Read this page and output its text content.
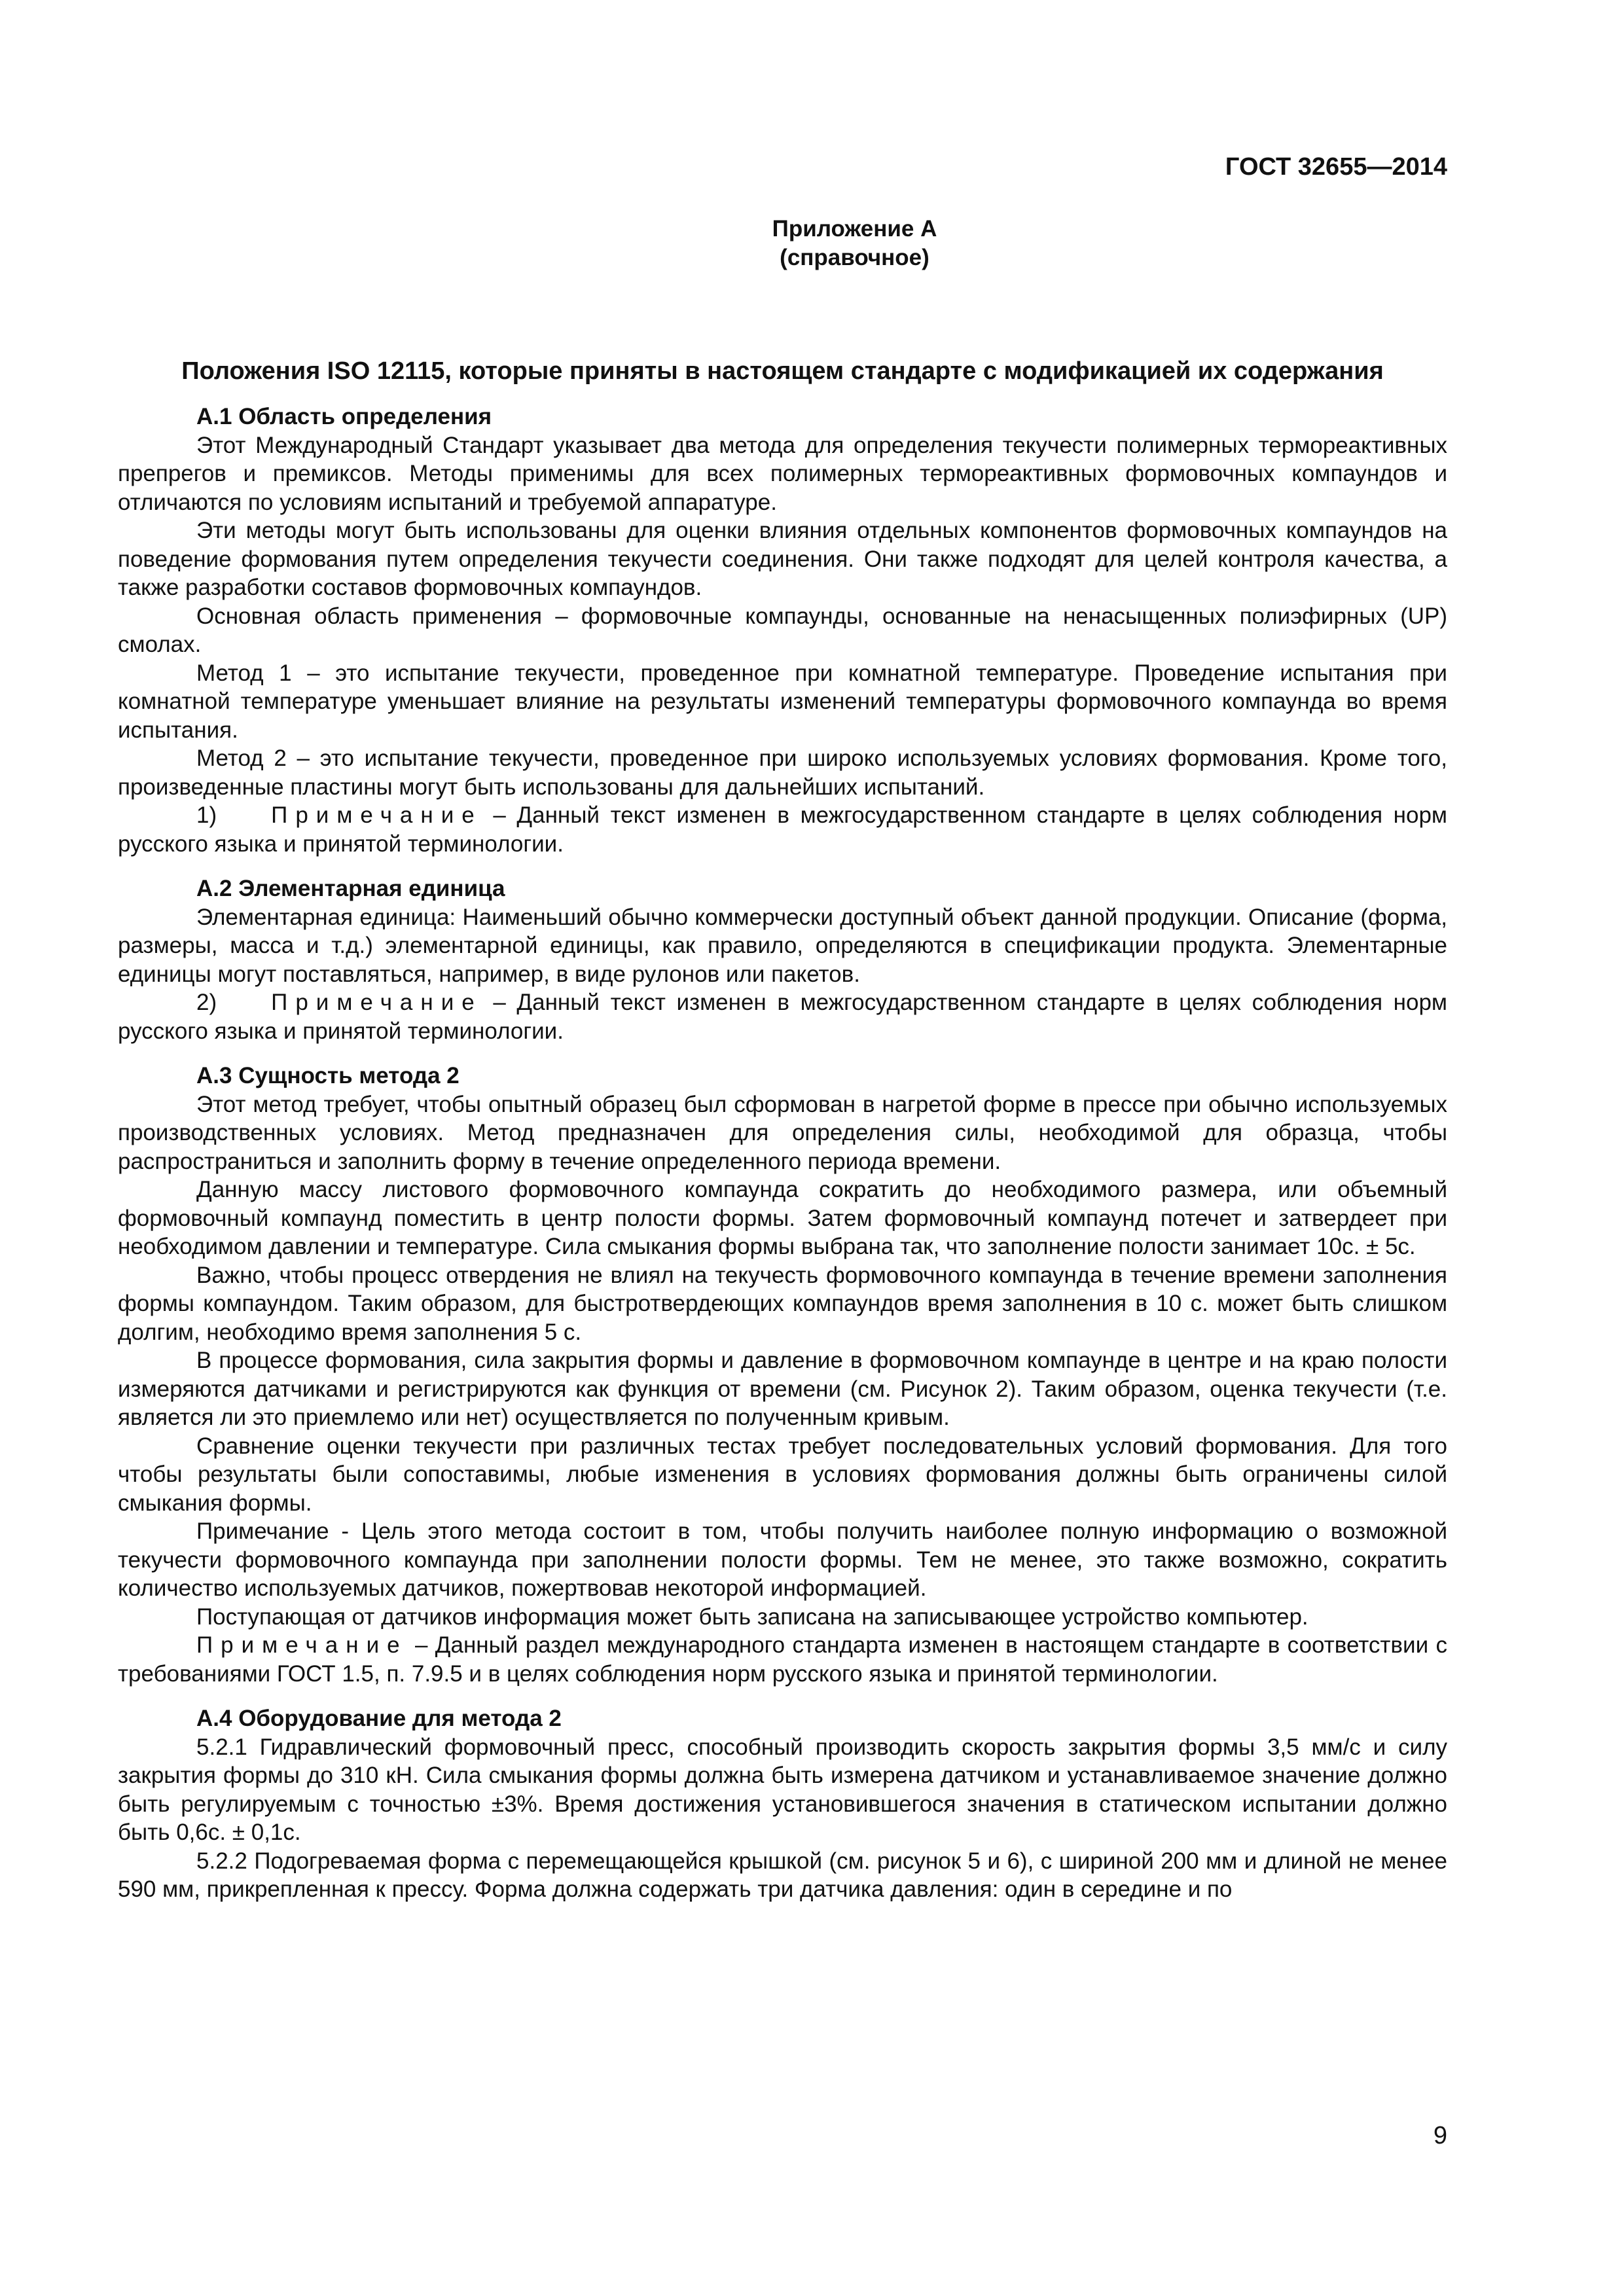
ГОСТ 32655—2014
Приложение А
(справочное)
Положения ISO 12115, которые приняты в настоящем стандарте с модификацией их содержания
А.1 Область определения

Этот Международный Стандарт указывает два метода для определения текучести полимерных термореактивных препрегов и премиксов. Методы применимы для всех полимерных термореактивных формовочных компаундов и отличаются по условиям испытаний и требуемой аппаратуре.

Эти методы могут быть использованы для оценки влияния отдельных компонентов формовочных компаундов на поведение формования путем определения текучести соединения. Они также подходят для целей контроля качества, а также разработки составов формовочных компаундов.

Основная область применения – формовочные компаунды, основанные на ненасыщенных полиэфирных (UP) смолах.

Метод 1 – это испытание текучести, проведенное при комнатной температуре. Проведение испытания при комнатной температуре уменьшает влияние на результаты изменений температуры формовочного компаунда во время испытания.

Метод 2 – это испытание текучести, проведенное при широко используемых условиях формования. Кроме того, произведенные пластины могут быть использованы для дальнейших испытаний.

1) Примечание – Данный текст изменен в межгосударственном стандарте в целях соблюдения норм русского языка и принятой терминологии.

А.2 Элементарная единица

Элементарная единица: Наименьший обычно коммерчески доступный объект данной продукции. Описание (форма, размеры, масса и т.д.) элементарной единицы, как правило, определяются в спецификации продукта. Элементарные единицы могут поставляться, например, в виде рулонов или пакетов.

2) Примечание – Данный текст изменен в межгосударственном стандарте в целях соблюдения норм русского языка и принятой терминологии.

А.3 Сущность метода 2

Этот метод требует, чтобы опытный образец был сформован в нагретой форме в прессе при обычно используемых производственных условиях. Метод предназначен для определения силы, необходимой для образца, чтобы распространиться и заполнить форму в течение определенного периода времени.

Данную массу листового формовочного компаунда сократить до необходимого размера, или объемный формовочный компаунд поместить в центр полости формы. Затем формовочный компаунд потечет и затвердеет при необходимом давлении и температуре. Сила смыкания формы выбрана так, что заполнение полости занимает 10с. ± 5с.

Важно, чтобы процесс отвердения не влиял на текучесть формовочного компаунда в течение времени заполнения формы компаундом. Таким образом, для быстротвердеющих компаундов время заполнения в 10 с. может быть слишком долгим, необходимо время заполнения 5 с.

В процессе формования, сила закрытия формы и давление в формовочном компаунде в центре и на краю полости измеряются датчиками и регистрируются как функция от времени (см. Рисунок 2). Таким образом, оценка текучести (т.е. является ли это приемлемо или нет) осуществляется по полученным кривым.

Сравнение оценки текучести при различных тестах требует последовательных условий формования. Для того чтобы результаты были сопоставимы, любые изменения в условиях формования должны быть ограничены силой смыкания формы.

Примечание - Цель этого метода состоит в том, чтобы получить наиболее полную информацию о возможной текучести формовочного компаунда при заполнении полости формы. Тем не менее, это также возможно, сократить количество используемых датчиков, пожертвовав некоторой информацией.

Поступающая от датчиков информация может быть записана на записывающее устройство компьютер.

Примечание – Данный раздел международного стандарта изменен в настоящем стандарте в соответствии с требованиями ГОСТ 1.5, п. 7.9.5 и в целях соблюдения норм русского языка и принятой терминологии.

А.4 Оборудование для метода 2

5.2.1 Гидравлический формовочный пресс, способный производить скорость закрытия формы 3,5 мм/с и силу закрытия формы до 310 кН. Сила смыкания формы должна быть измерена датчиком и устанавливаемое значение должно быть регулируемым с точностью ±3%. Время достижения установившегося значения в статическом испытании должно быть 0,6с. ± 0,1с.

5.2.2 Подогреваемая форма с перемещающейся крышкой (см. рисунок 5 и 6), с шириной 200 мм и длиной не менее 590 мм, прикрепленная к прессу. Форма должна содержать три датчика давления: один в середине и по

9
